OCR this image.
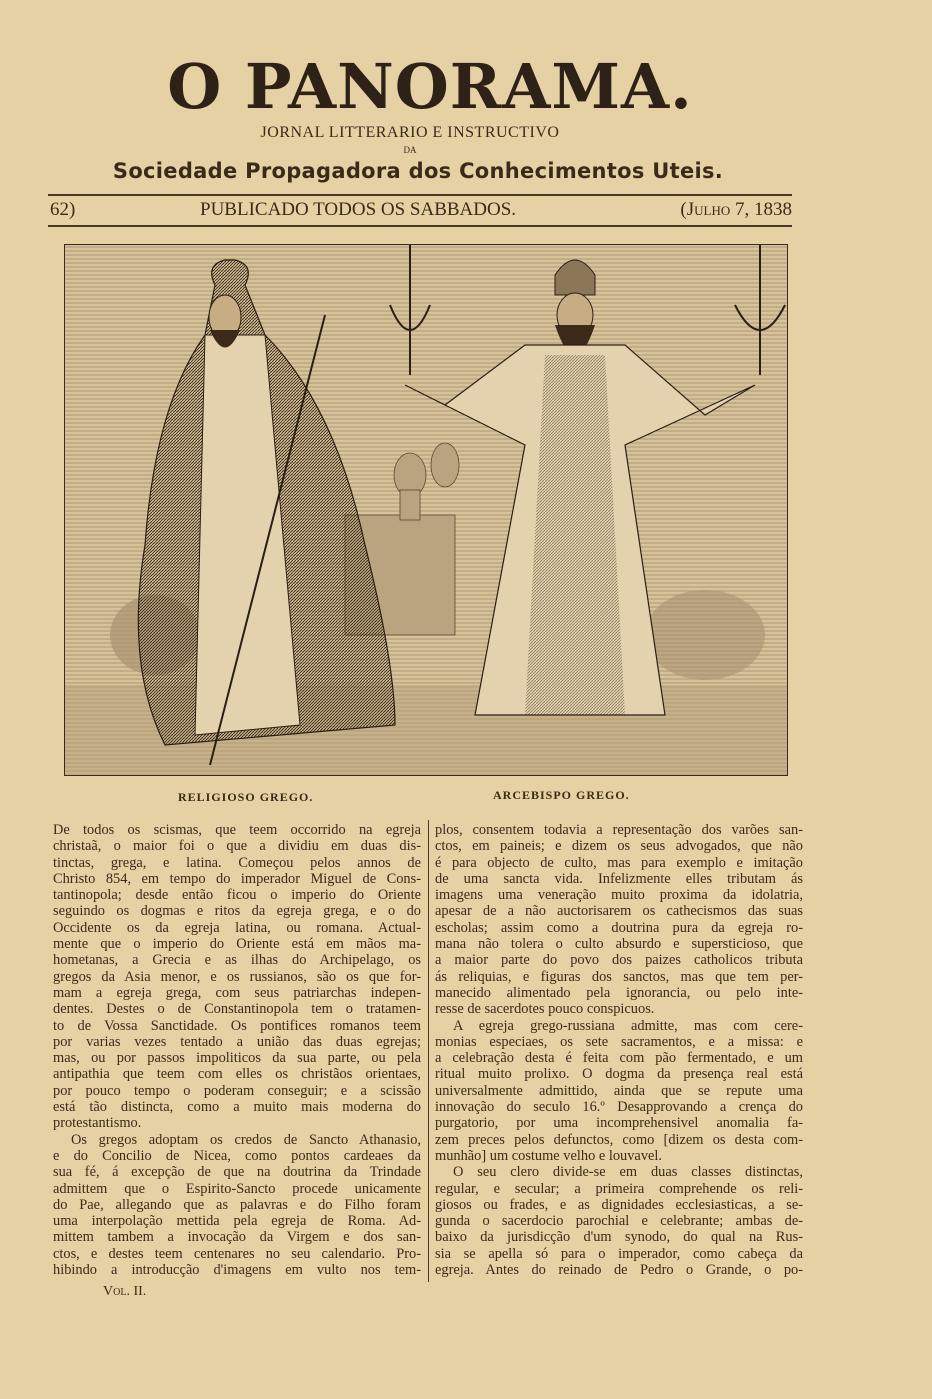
O PANORAMA.
JORNAL LITTERARIO E INSTRUCTIVO
DA
Sociedade Propagadora dos Conhecimentos Uteis.
62)	PUBLICADO TODOS OS SABBADOS.	(Julho 7, 1838
RELIGIOSO GREGO.	ARCEBISPO GREGO.
De todos os scismas, que teem occorrido na egreja
christaã, o maior foi o que a dividiu em duas dis-
tinctas, grega, e latina. Começou pelos annos de
Christo 854, em tempo do imperador Miguel de Cons-
tantinopola; desde então ficou o imperio do Oriente
seguindo os dogmas e ritos da egreja grega, e o do
Occidente os da egreja latina, ou romana. Actual-
mente que o imperio do Oriente está em mãos ma-
hometanas, a Grecia e as ilhas do Archipelago, os
gregos da Asia menor, e os russianos, são os que for-
mam a egreja grega, com seus patriarchas indepen-
dentes. Destes o de Constantinopola tem o tratamen-
to de Vossa Sanctidade. Os pontifices romanos teem
por varias vezes tentado a união das duas egrejas;
mas, ou por passos impoliticos da sua parte, ou pela
antipathia que teem com elles os christãos orientaes,
por pouco tempo o poderam conseguir; e a scissão
está tão distincta, como a muito mais moderna do
protestantismo.
Os gregos adoptam os credos de Sancto Athanasio,
e do Concilio de Nicea, como pontos cardeaes da
sua fé, á excepção de que na doutrina da Trindade
admittem que o Espirito-Sancto procede unicamente
do Pae, allegando que as palavras e do Filho foram
uma interpolação mettida pela egreja de Roma. Ad-
mittem tambem a invocação da Virgem e dos san-
ctos, e destes teem centenares no seu calendario. Pro-
hibindo a introducção d'imagens em vulto nos tem-
plos, consentem todavia a representação dos varões san-
ctos, em paineis; e dizem os seus advogados, que não
é para objecto de culto, mas para exemplo e imitação
de uma sancta vida. Infelizmente elles tributam ás
imagens uma veneração muito proxima da idolatria,
apesar de a não auctorisarem os cathecismos das suas
escholas; assim como a doutrina pura da egreja ro-
mana não tolera o culto absurdo e supersticioso, que
a maior parte do povo dos paizes catholicos tributa
ás reliquias, e figuras dos sanctos, mas que tem per-
manecido alimentado pela ignorancia, ou pelo inte-
resse de sacerdotes pouco conspicuos.
A egreja grego-russiana admitte, mas com cere-
monias especiaes, os sete sacramentos, e a missa: e
a celebração desta é feita com pão fermentado, e um
ritual muito prolixo. O dogma da presença real está
universalmente admittido, ainda que se repute uma
innovação do seculo 16.º Desapprovando a crença do
purgatorio, por uma incomprehensivel anomalia fa-
zem preces pelos defunctos, como [dizem os desta com-
munhão] um costume velho e louvavel.
O seu clero divide-se em duas classes distinctas,
regular, e secular; a primeira comprehende os reli-
giosos ou frades, e as dignidades ecclesiasticas, a se-
gunda o sacerdocio parochial e celebrante; ambas de-
baixo da jurisdicção d'um synodo, do qual na Rus-
sia se apella só para o imperador, como cabeça da
egreja. Antes do reinado de Pedro o Grande, o po-
Vol. II.
